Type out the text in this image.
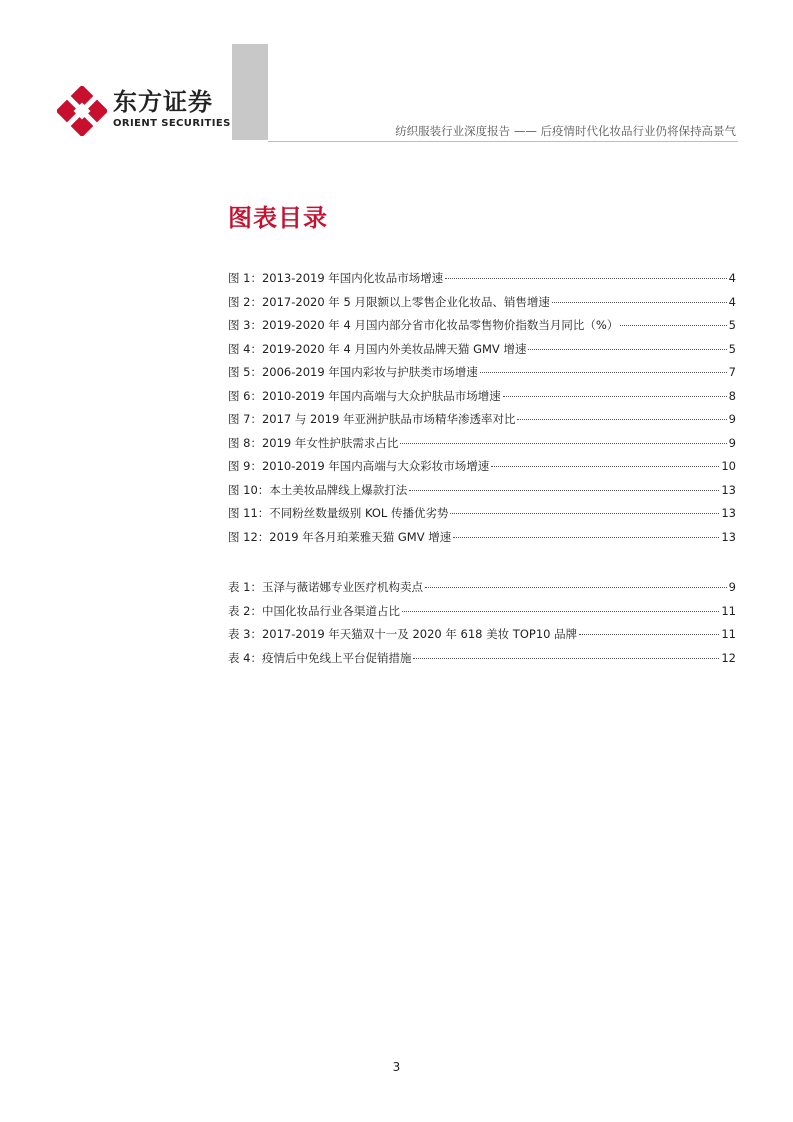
东方证券
ORIENT SECURITIES
纺织服装行业深度报告 —— 后疫情时代化妆品行业仍将保持高景气
图表目录
图 1：2013-2019 年国内化妆品市场增速	4
图 2：2017-2020 年 5 月限额以上零售企业化妆品、销售增速	4
图 3：2019-2020 年 4 月国内部分省市化妆品零售物价指数当月同比（%）	5
图 4：2019-2020 年 4 月国内外美妆品牌天猫 GMV 增速	5
图 5：2006-2019 年国内彩妆与护肤类市场增速	7
图 6：2010-2019 年国内高端与大众护肤品市场增速	8
图 7：2017 与 2019 年亚洲护肤品市场精华渗透率对比	9
图 8：2019 年女性护肤需求占比	9
图 9：2010-2019 年国内高端与大众彩妆市场增速	10
图 10：本土美妆品牌线上爆款打法	13
图 11：不同粉丝数量级别 KOL 传播优劣势	13
图 12：2019 年各月珀莱雅天猫 GMV 增速	13
表 1：玉泽与薇诺娜专业医疗机构卖点	9
表 2：中国化妆品行业各渠道占比	11
表 3：2017-2019 年天猫双十一及 2020 年 618 美妆 TOP10 品牌	11
表 4：疫情后中免线上平台促销措施	12
3
